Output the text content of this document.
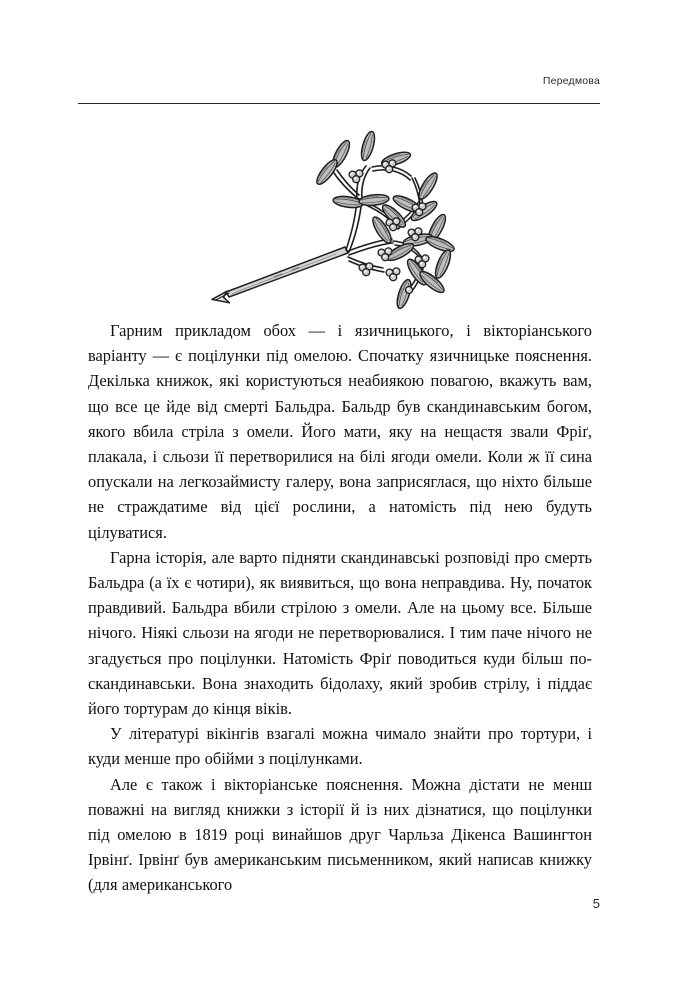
Передмова

Гарним прикладом обох — і язичницького, і вікторіанського варіанту — є поцілунки під омелою. Спочатку язичницьке пояснення. Декілька книжок, які користуються неабиякою повагою, вкажуть вам, що все це йде від смерті Бальдра. Бальдр був скандинавським богом, якого вбила стріла з омели. Його мати, яку на нещастя звали Фріґ, плакала, і сльози її перетворилися на білі ягоди омели. Коли ж її сина опускали на легкозаймисту галеру, вона заприсяглася, що ніхто більше не страждатиме від цієї рослини, а натомість під нею будуть цілуватися.

Гарна історія, але варто підняти скандинавські розповіді про смерть Бальдра (а їх є чотири), як виявиться, що вона неправдива. Ну, початок правдивий. Бальдра вбили стрілою з омели. Але на цьому все. Більше нічого. Ніякі сльози на ягоди не перетворювалися. І тим паче нічого не згадується про поцілунки. Натомість Фріґ поводиться куди більш по-скандинавськи. Вона знаходить бідолаху, який зробив стрілу, і піддає його тортурам до кінця віків.

У літературі вікінгів взагалі можна чимало знайти про тортури, і куди менше про обійми з поцілунками.

Але є також і вікторіанське пояснення. Можна дістати не менш поважні на вигляд книжки з історії й із них дізнатися, що поцілунки під омелою в 1819 році винайшов друг Чарльза Дікенса Вашингтон Ірвінґ. Ірвінґ був американським письменником, який написав книжку (для американського

5
